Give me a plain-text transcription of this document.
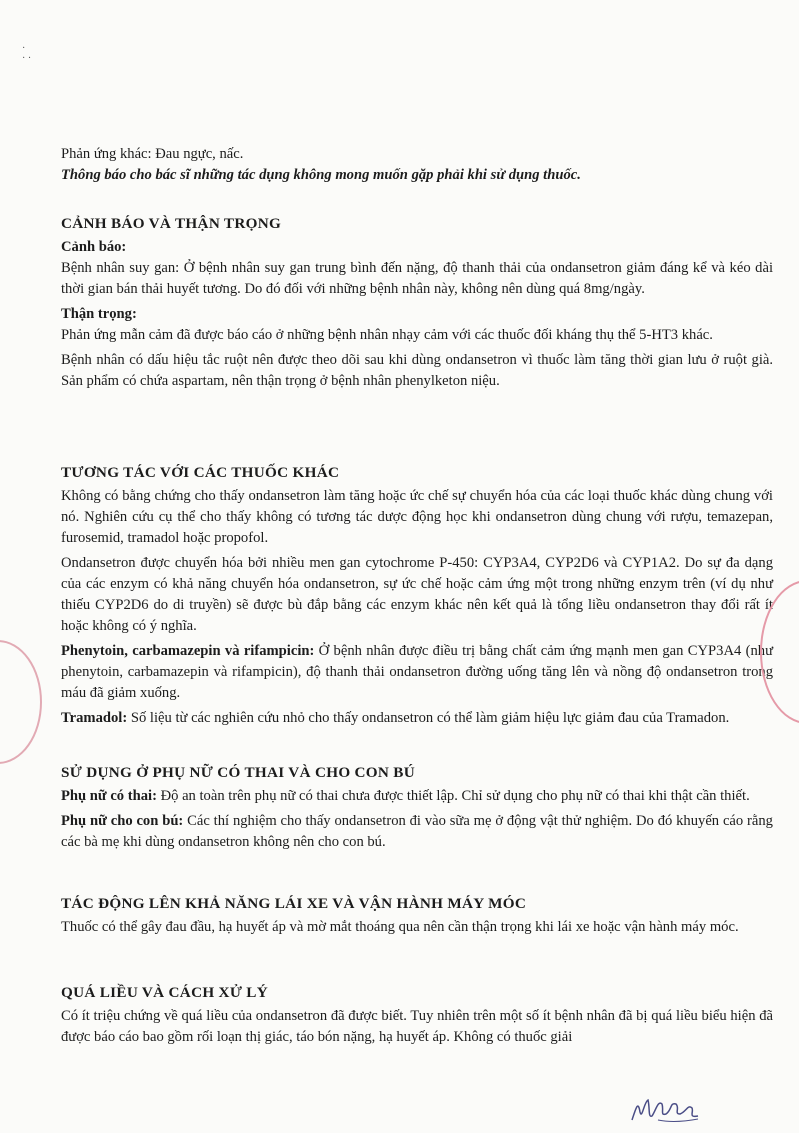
·
· ·

Phản ứng khác: Đau ngực, nấc.

Thông báo cho bác sĩ những tác dụng không mong muốn gặp phải khi sử dụng thuốc.

CẢNH BÁO VÀ THẬN TRỌNG

Cảnh báo:

Bệnh nhân suy gan: Ở bệnh nhân suy gan trung bình đến nặng, độ thanh thải của ondansetron giảm đáng kể và kéo dài thời gian bán thải huyết tương. Do đó đối với những bệnh nhân này, không nên dùng quá 8mg/ngày.

Thận trọng:

Phản ứng mẫn cảm đã được báo cáo ở những bệnh nhân nhạy cảm với các thuốc đối kháng thụ thể 5-HT3 khác.

Bệnh nhân có dấu hiệu tắc ruột nên được theo dõi sau khi dùng ondansetron vì thuốc làm tăng thời gian lưu ở ruột già. Sản phẩm có chứa aspartam, nên thận trọng ở bệnh nhân phenylketon niệu.

TƯƠNG TÁC VỚI CÁC THUỐC KHÁC

Không có bằng chứng cho thấy ondansetron làm tăng hoặc ức chế sự chuyển hóa của các loại thuốc khác dùng chung với nó. Nghiên cứu cụ thể cho thấy không có tương tác dược động học khi ondansetron dùng chung với rượu, temazepan, furosemid, tramadol hoặc propofol.

Ondansetron được chuyển hóa bởi nhiều men gan cytochrome P-450: CYP3A4, CYP2D6 và CYP1A2. Do sự đa dạng của các enzym có khả năng chuyển hóa ondansetron, sự ức chế hoặc cảm ứng một trong những enzym trên (ví dụ như thiếu CYP2D6 do di truyền) sẽ được bù đắp bằng các enzym khác nên kết quả là tổng liều ondansetron thay đổi rất ít hoặc không có ý nghĩa.

Phenytoin, carbamazepin và rifampicin: Ở bệnh nhân được điều trị bằng chất cảm ứng mạnh men gan CYP3A4 (như phenytoin, carbamazepin và rifampicin), độ thanh thải ondansetron đường uống tăng lên và nồng độ ondansetron trong máu đã giảm xuống.

Tramadol: Số liệu từ các nghiên cứu nhỏ cho thấy ondansetron có thể làm giảm hiệu lực giảm đau của Tramadon.

SỬ DỤNG Ở PHỤ NỮ CÓ THAI VÀ CHO CON BÚ

Phụ nữ có thai: Độ an toàn trên phụ nữ có thai chưa được thiết lập. Chỉ sử dụng cho phụ nữ có thai khi thật cần thiết.

Phụ nữ cho con bú: Các thí nghiệm cho thấy ondansetron đi vào sữa mẹ ở động vật thử nghiệm. Do đó khuyến cáo rằng các bà mẹ khi dùng ondansetron không nên cho con bú.

TÁC ĐỘNG LÊN KHẢ NĂNG LÁI XE VÀ VẬN HÀNH MÁY MÓC

Thuốc có thể gây đau đầu, hạ huyết áp và mờ mắt thoáng qua nên cần thận trọng khi lái xe hoặc vận hành máy móc.

QUÁ LIỀU VÀ CÁCH XỬ LÝ

Có ít triệu chứng về quá liều của ondansetron đã được biết. Tuy nhiên trên một số ít bệnh nhân đã bị quá liều biểu hiện đã được báo cáo bao gồm rối loạn thị giác, táo bón nặng, hạ huyết áp. Không có thuốc giải
